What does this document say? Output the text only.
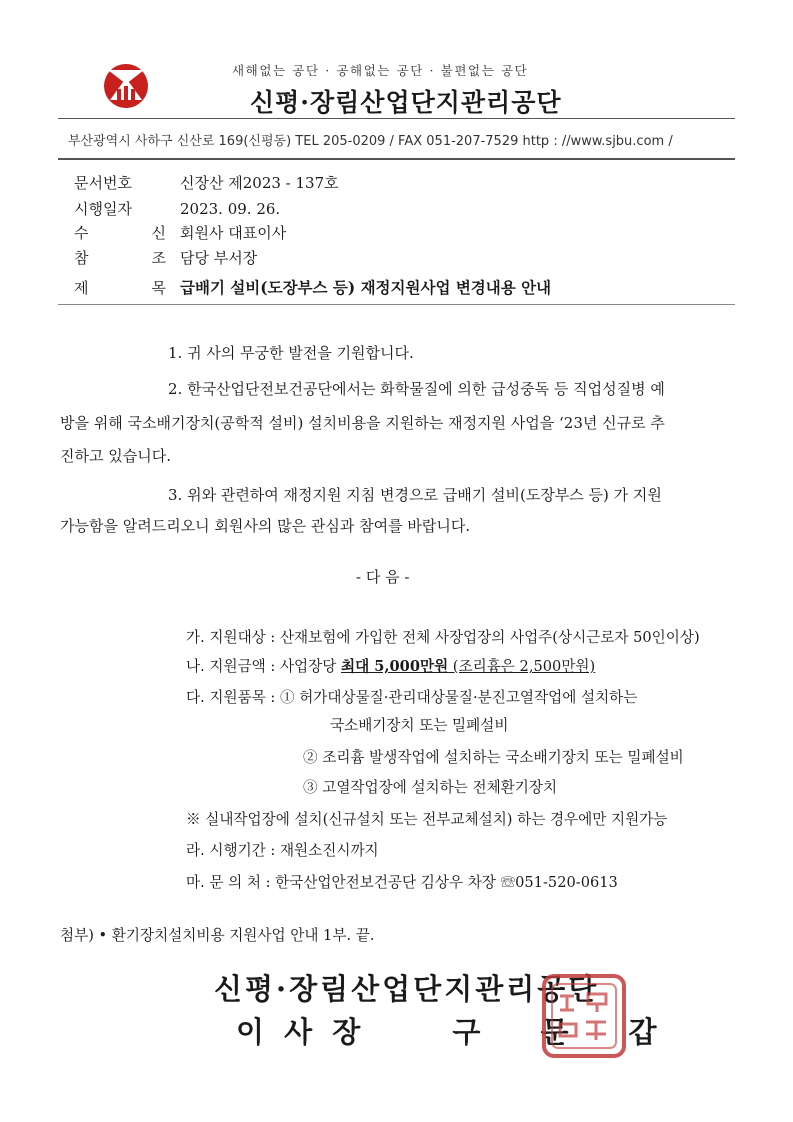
새해없는 공단 · 공해없는 공단 · 불편없는 공단
신평·장림산업단지관리공단
부산광역시 사하구 신산로 169(신평동) TEL 205-0209 / FAX 051-207-7529 http : //www.sjbu.com /
문서번호	신장산 제2023 - 137호
시행일자	2023. 09. 26.
수 신 회원사 대표이사
참 조 담당 부서장
제 목 급배기 설비(도장부스 등) 재정지원사업 변경내용 안내
1. 귀 사의 무궁한 발전을 기원합니다.
2. 한국산업단전보건공단에서는 화학물질에 의한 급성중독 등 직업성질병 예
방을 위해 국소배기장치(공학적 설비) 설치비용을 지원하는 재정지원 사업을 ‘23년 신규로 추
진하고 있습니다.
3. 위와 관련하여 재정지원 지침 변경으로 급배기 설비(도장부스 등) 가 지원
가능함을 알려드리오니 회원사의 많은 관심과 참여를 바랍니다.
- 다 음 -
가. 지원대상 : 산재보험에 가입한 전체 사장업장의 사업주(상시근로자 50인이상)
나. 지원금액 : 사업장당 최대 5,000만원 (조리흄은 2,500만원)
다. 지원품목 : ① 허가대상물질·관리대상물질·분진고열작업에 설치하는
국소배기장치 또는 밀폐설비
② 조리흄 발생작업에 설치하는 국소배기장치 또는 밀폐설비
③ 고열작업장에 설치하는 전체환기장치
※ 실내작업장에 설치(신규설치 또는 전부교체설치) 하는 경우에만 지원가능
라. 시행기간 : 재원소진시까지
마. 문 의 처 : 한국산업안전보건공단 김상우 차장 ☏051-520-0613
첨부) • 환기장치설치비용 지원사업 안내 1부. 끝.
신평·장림산업단지관리공단
이 사 장	구 문 갑
